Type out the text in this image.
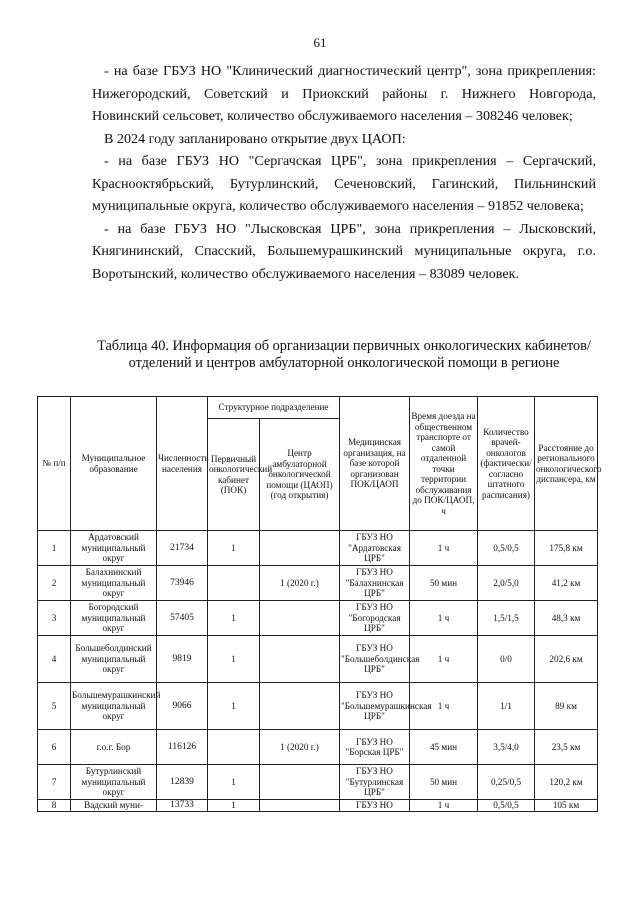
61

- на базе ГБУЗ НО "Клинический диагностический центр", зона прикрепления: Нижегородский, Советский и Приокский районы г. Нижнего Новгорода, Новинский сельсовет, количество обслуживаемого населения – 308246 человек;

В 2024 году запланировано открытие двух ЦАОП:

- на базе ГБУЗ НО "Сергачская ЦРБ", зона прикрепления – Сергачский, Краснооктябрьский, Бутурлинский, Сеченовский, Гагинский, Пильнинский муниципальные округа, количество обслуживаемого населения – 91852 человека;

- на базе ГБУЗ НО "Лысковская ЦРБ", зона прикрепления – Лысковский, Княгининский, Спасский, Большемурашкинский муниципальные округа, г.о. Воротынский, количество обслуживаемого населения – 83089 человек.

Таблица 40. Информация об организации первичных онкологических кабинетов/отделений и центров амбулаторной онкологической помощи в регионе
№ п/п	Муниципальное образование	Численность населения	Структурное подразделение		Медицинская организация, на базе которой организован ПОК/ЦАОП	Время доезда на общественном транспорте от самой отдаленной точки территории обслуживания до ПОК/ЦАОП, ч	Количество врачей-онкологов (фактически/согласно штатного расписания)	Расстояние до регионального онкологического диспансера, км
			Первичный онкологический кабинет (ПОК)	Центр амбулаторной онкологической помощи (ЦАОП) (год открытия)				
1	Ардатовский муниципальный округ	21734	1		ГБУЗ НО "Ардатовская ЦРБ"	1 ч	0,5/0,5	175,8 км
2	Балахнинский муниципальный округ	73946		1 (2020 г.)	ГБУЗ НО "Балахнинская ЦРБ"	50 мин	2,0/5,0	41,2 км
3	Богородский муниципальный округ	57405	1		ГБУЗ НО "Богородская ЦРБ"	1 ч	1,5/1,5	48,3 км
4	Большеболдинский муниципальный округ	9819	1		ГБУЗ НО "Большеболдинская ЦРБ"	1 ч	0/0	202,6 км
5	Большемурашкинский муниципальный округ	9066	1		ГБУЗ НО "Большемурашкинская ЦРБ"	1 ч	1/1	89 км
6	г.о.г. Бор	116126		1 (2020 г.)	ГБУЗ НО "Борская ЦРБ"	45 мин	3,5/4,0	23,5 км
7	Бутурлинский муниципальный округ	12839	1		ГБУЗ НО "Бутурлинская ЦРБ"	50 мин	0,25/0,5	120,2 км
8	Вадский муни-	13733	1		ГБУЗ НО	1 ч	0,5/0,5	105 км
